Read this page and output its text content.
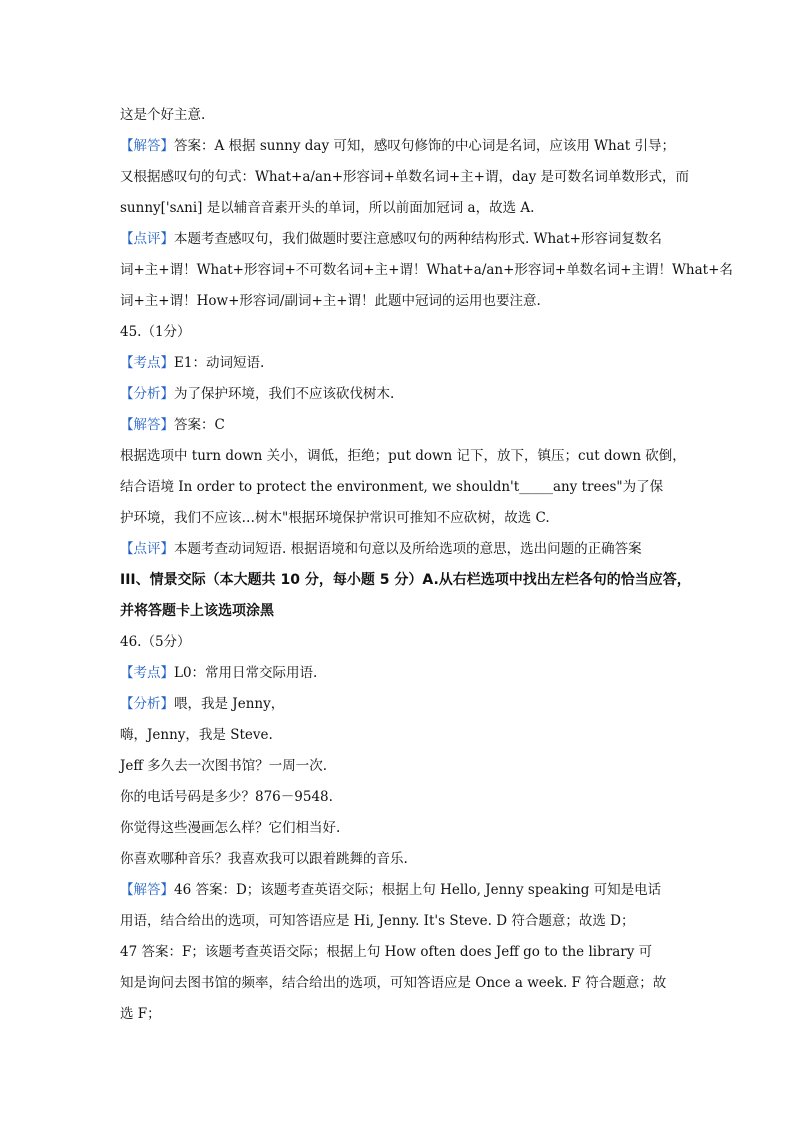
这是个好主意.
【解答】答案：A 根据 sunny day 可知，感叹句修饰的中心词是名词，应该用 What 引导；
又根据感叹句的句式：What+a/an+形容词+单数名词+主+谓，day 是可数名词单数形式，而
sunny['sʌni] 是以辅音音素开头的单词，所以前面加冠词 a，故选 A.
【点评】本题考查感叹句，我们做题时要注意感叹句的两种结构形式. What+形容词复数名
词+主+谓！What+形容词+不可数名词+主+谓！What+a/an+形容词+单数名词+主谓！What+名
词+主+谓！How+形容词/副词+主+谓！此题中冠词的运用也要注意.
45.（1分）
【考点】E1：动词短语.
【分析】为了保护环境，我们不应该砍伐树木.
【解答】答案：C
根据选项中 turn down 关小，调低，拒绝；put down 记下，放下，镇压；cut down 砍倒，
结合语境 In order to protect the environment, we shouldn't_____any trees"为了保
护环境，我们不应该…树木"根据环境保护常识可推知不应砍树，故选 C.
【点评】本题考查动词短语. 根据语境和句意以及所给选项的意思，选出问题的正确答案
III、情景交际（本大题共 10 分，每小题 5 分）A.从右栏选项中找出左栏各句的恰当应答，
并将答题卡上该选项涂黑
46.（5分）
【考点】L0：常用日常交际用语.
【分析】喂，我是 Jenny，
嗨，Jenny，我是 Steve.
Jeff 多久去一次图书馆？一周一次.
你的电话号码是多少？876－9548.
你觉得这些漫画怎么样？它们相当好.
你喜欢哪种音乐？我喜欢我可以跟着跳舞的音乐.
【解答】46 答案：D；该题考查英语交际；根据上句 Hello, Jenny speaking 可知是电话
用语，结合给出的选项，可知答语应是 Hi, Jenny. It's Steve. D 符合题意；故选 D；
47 答案：F；该题考查英语交际；根据上句 How often does Jeff go to the library 可
知是询问去图书馆的频率，结合给出的选项，可知答语应是 Once a week. F 符合题意；故
选 F；
